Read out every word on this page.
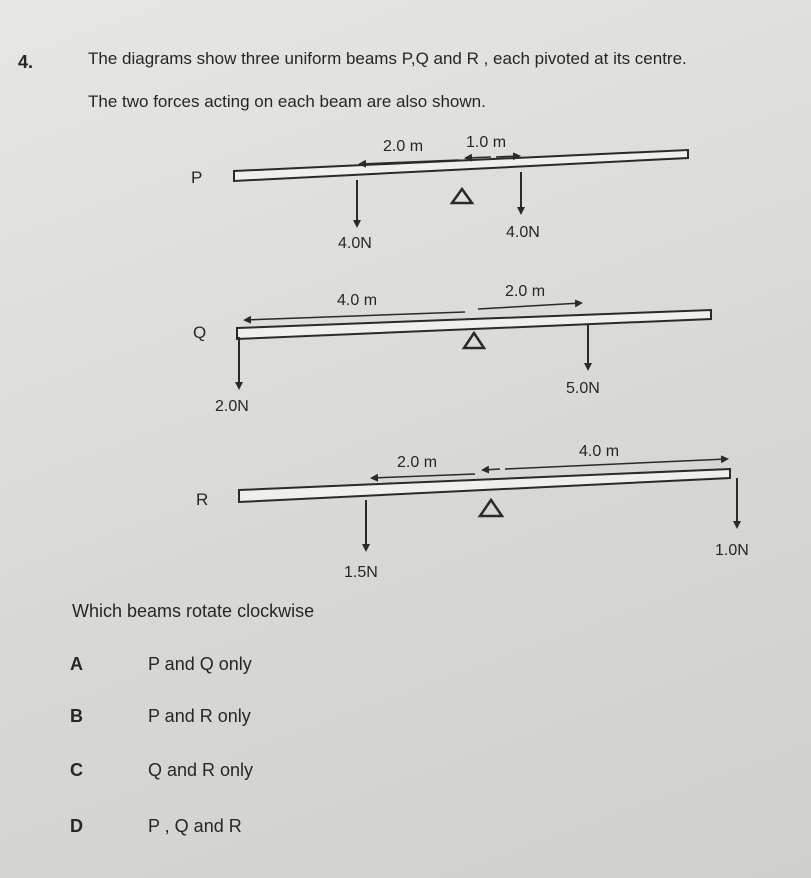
4.	The diagrams show three uniform beams P,Q and R , each pivoted at its centre.
The two forces acting on each beam are also shown.
P
2.0 m	1.0 m
4.0N
4.0N
Q
4.0 m
2.0 m
2.0N
5.0N
R
2.0 m
4.0 m
1.5N
1.0N
Which beams rotate clockwise
A	P and Q only
B	P and R only
C	Q and R only
D	P , Q and R
